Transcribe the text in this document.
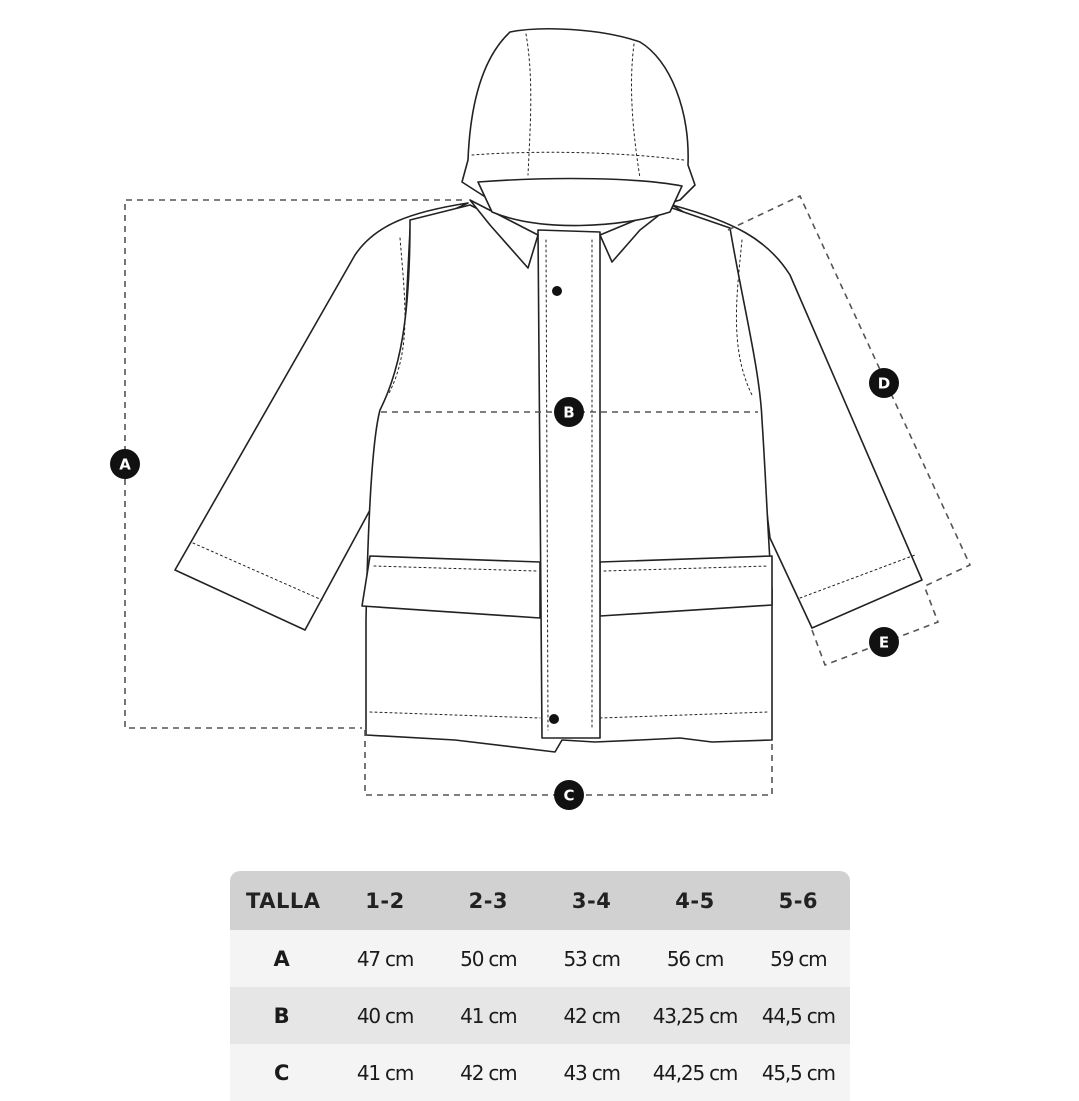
A
B
C
D
E
TALLA	1-2	2-3	3-4	4-5	5-6
A	47 cm	50 cm	53 cm	56 cm	59 cm
B	40 cm	41 cm	42 cm	43,25 cm	44,5 cm
C	41 cm	42 cm	43 cm	44,25 cm	45,5 cm
